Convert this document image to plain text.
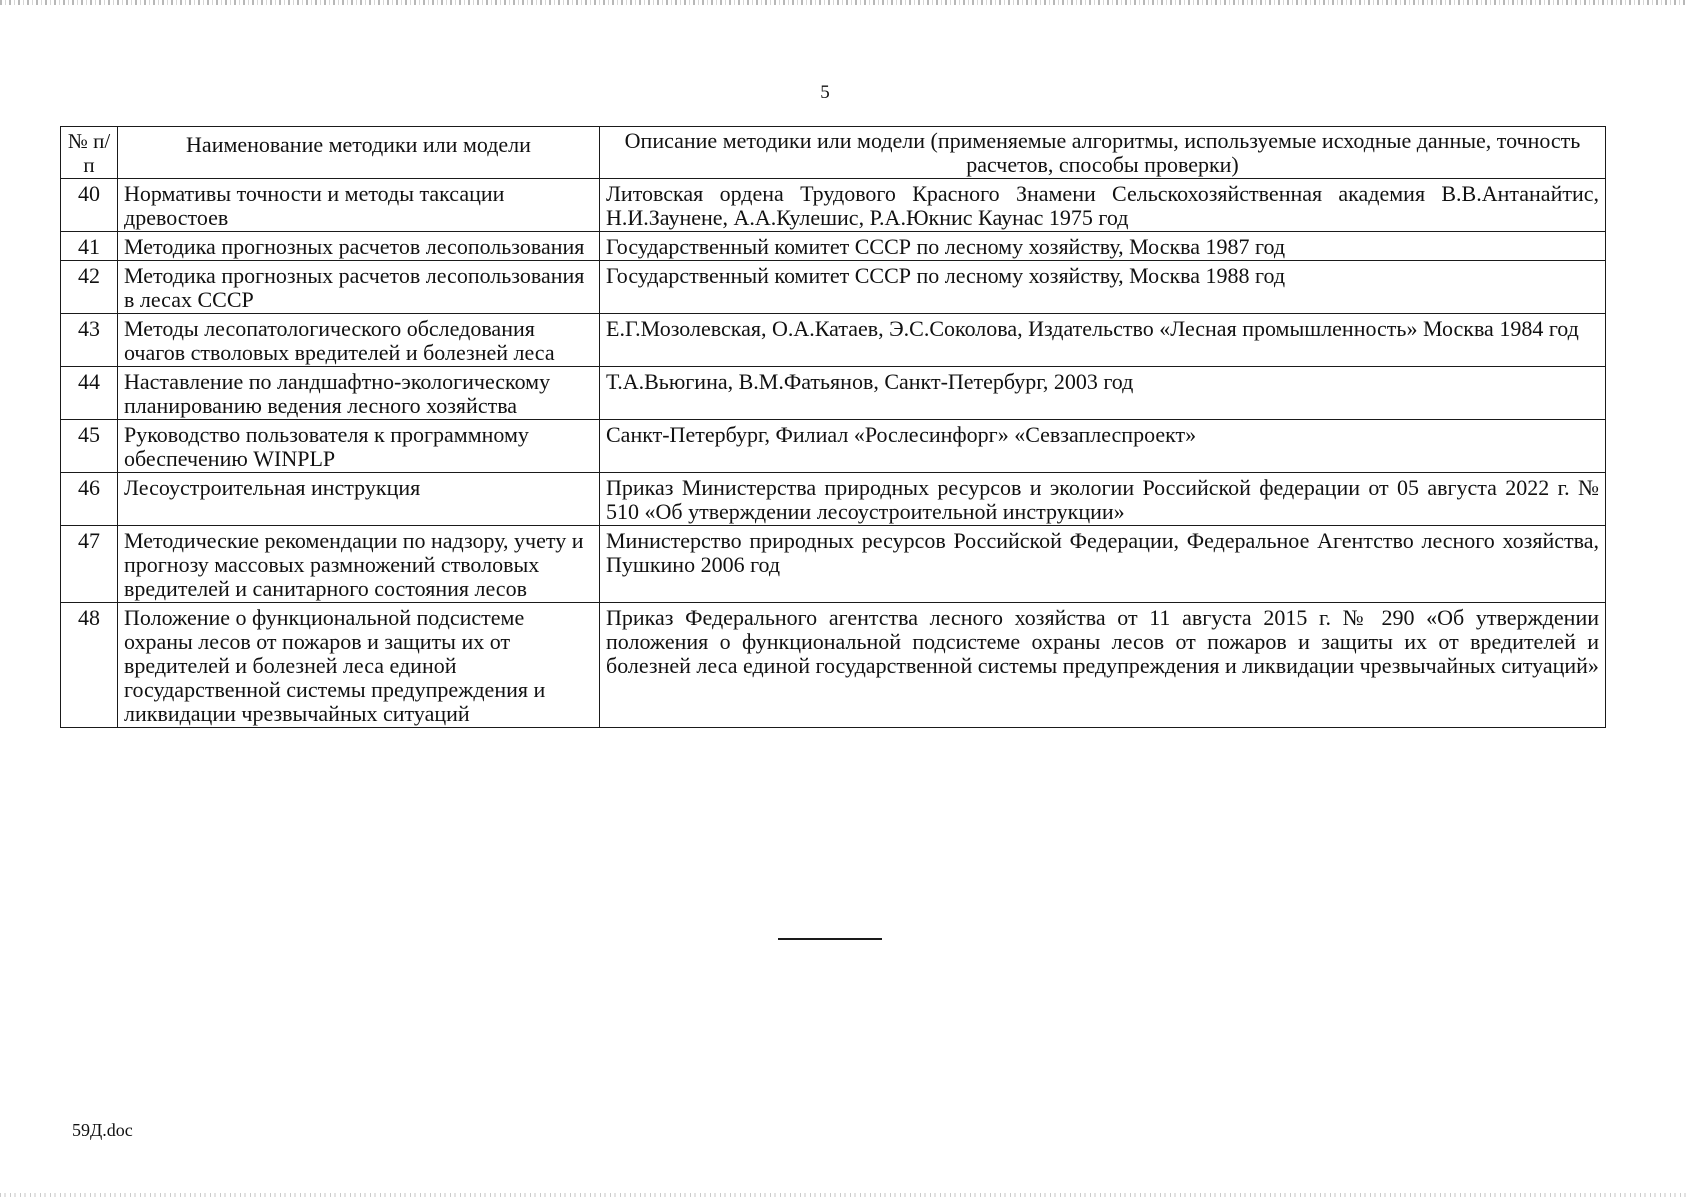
5
№ п/п	Наименование методики или модели	Описание методики или модели (применяемые алгоритмы, используемые исходные данные, точность расчетов, способы проверки)
40	Нормативы точности и методы таксации древостоев	Литовская ордена Трудового Красного Знамени Сельскохозяйственная академия В.В.Антанайтис, Н.И.Заунене, А.А.Кулешис, Р.А.Юкнис Каунас 1975 год
41	Методика прогнозных расчетов лесопользования	Государственный комитет СССР по лесному хозяйству, Москва 1987 год
42	Методика прогнозных расчетов лесопользования в лесах СССР	Государственный комитет СССР по лесному хозяйству, Москва 1988 год
43	Методы лесопатологического обследования очагов стволовых вредителей и болезней леса	Е.Г.Мозолевская, О.А.Катаев, Э.С.Соколова, Издательство «Лесная промышленность» Москва 1984 год
44	Наставление по ландшафтно-экологическому планированию ведения лесного хозяйства	Т.А.Вьюгина, В.М.Фатьянов, Санкт-Петербург, 2003 год
45	Руководство пользователя к программному обеспечению WINPLP	Санкт-Петербург, Филиал «Рослесинфорг» «Севзаплеспроект»
46	Лесоустроительная инструкция	Приказ Министерства природных ресурсов и экологии Российской федерации от 05 августа 2022 г. № 510 «Об утверждении лесоустроительной инструкции»
47	Методические рекомендации по надзору, учету и прогнозу массовых размножений стволовых вредителей и санитарного состояния лесов	Министерство природных ресурсов Российской Федерации, Федеральное Агентство лесного хозяйства, Пушкино 2006 год
48	Положение о функциональной подсистеме охраны лесов от пожаров и защиты их от вредителей и болезней леса единой государственной системы предупреждения и ликвидации чрезвычайных ситуаций	Приказ Федерального агентства лесного хозяйства от 11 августа 2015 г. № 290 «Об утверждении положения о функциональной подсистеме охраны лесов от пожаров и защиты их от вредителей и болезней леса единой государственной системы предупреждения и ликвидации чрезвычайных ситуаций»
59Д.doc
